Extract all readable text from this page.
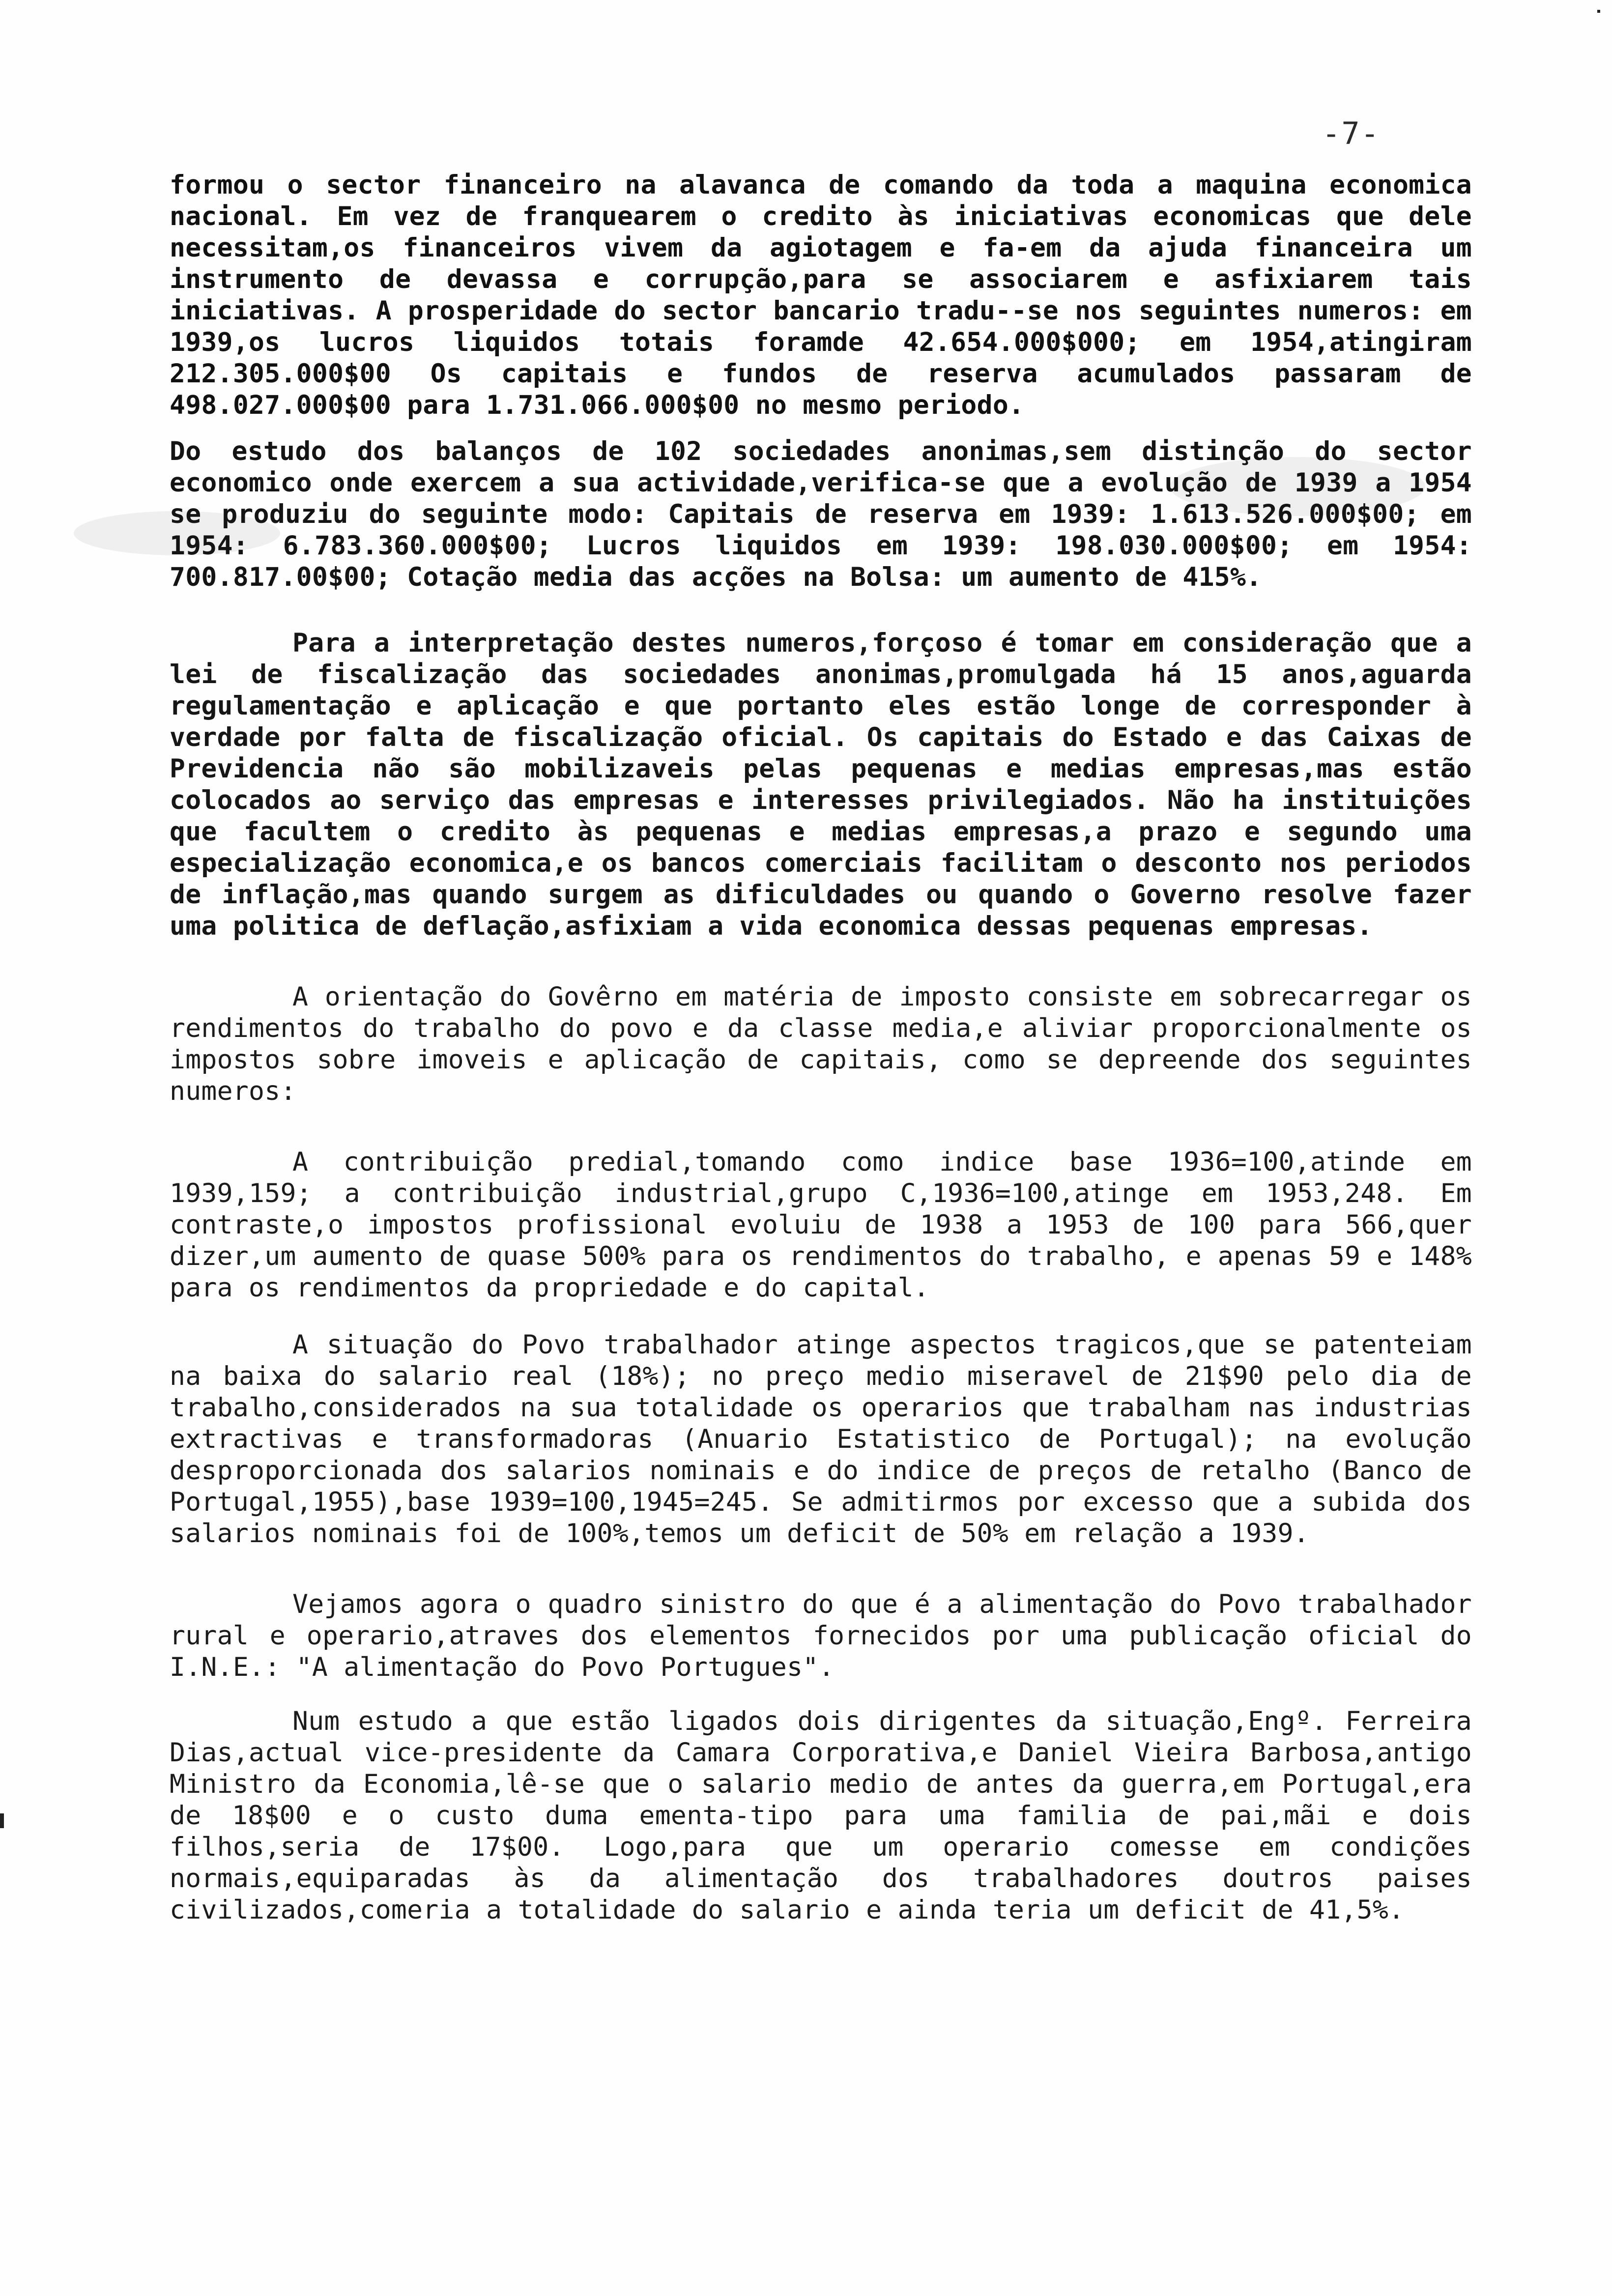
-7-

formou o sector financeiro na alavanca de comando da toda a maquina economica nacional. Em vez de franquearem o credito às iniciativas economicas que dele necessitam,os financeiros vivem da agiotagem e fa-em da ajuda financeira um instrumento de devassa e corrupção,para se associarem e asfixiarem tais iniciativas. A prosperidade do sector bancario tradu--se nos seguintes numeros: em 1939,os lucros liquidos totais foramde 42.654.000$000; em 1954,atingiram 212.305.000$00 Os capitais e fundos de reserva acumulados passaram de 498.027.000$00 para 1.731.066.000$00 no mesmo periodo.

Do estudo dos balanços de 102 sociedades anonimas,sem distinção do sector economico onde exercem a sua actividade,verifica-se que a evolução de 1939 a 1954 se produziu do seguinte modo: Capitais de reserva em 1939: 1.613.526.000$00; em 1954: 6.783.360.000$00; Lucros liquidos em 1939: 198.030.000$00; em 1954: 700.817.00$00; Cotação media das acções na Bolsa: um aumento de 415%.

Para a interpretação destes numeros,forçoso é tomar em consideração que a lei de fiscalização das sociedades anonimas,promulgada há 15 anos,aguarda regulamentação e aplicação e que portanto eles estão longe de corresponder à verdade por falta de fiscalização oficial. Os capitais do Estado e das Caixas de Previdencia não são mobilizaveis pelas pequenas e medias empresas,mas estão colocados ao serviço das empresas e interesses privilegiados. Não ha instituições que facultem o credito às pequenas e medias empresas,a prazo e segundo uma especialização economica,e os bancos comerciais facilitam o desconto nos periodos de inflação,mas quando surgem as dificuldades ou quando o Governo resolve fazer uma politica de deflação,asfixiam a vida economica dessas pequenas empresas.

A orientação do Govêrno em matéria de imposto consiste em sobrecarregar os rendimentos do trabalho do povo e da classe media,e aliviar proporcionalmente os impostos sobre imoveis e aplicação de capitais, como se depreende dos seguintes numeros:

A contribuição predial,tomando como indice base 1936=100,atinde em 1939,159; a contribuição industrial,grupo C,1936=100,atinge em 1953,248. Em contraste,o impostos profissional evoluiu de 1938 a 1953 de 100 para 566,quer dizer,um aumento de quase 500% para os rendimentos do trabalho, e apenas 59 e 148% para os rendimentos da propriedade e do capital.

A situação do Povo trabalhador atinge aspectos tragicos,que se patenteiam na baixa do salario real (18%); no preço medio miseravel de 21$90 pelo dia de trabalho,considerados na sua totalidade os operarios que trabalham nas industrias extractivas e transformadoras (Anuario Estatistico de Portugal); na evolução desproporcionada dos salarios nominais e do indice de preços de retalho (Banco de Portugal,1955),base 1939=100,1945=245. Se admitirmos por excesso que a subida dos salarios nominais foi de 100%,temos um deficit de 50% em relação a 1939.

Vejamos agora o quadro sinistro do que é a alimentação do Povo trabalhador rural e operario,atraves dos elementos fornecidos por uma publicação oficial do I.N.E.: "A alimentação do Povo Portugues".

Num estudo a que estão ligados dois dirigentes da situação,Engº. Ferreira Dias,actual vice-presidente da Camara Corporativa,e Daniel Vieira Barbosa,antigo Ministro da Economia,lê-se que o salario medio de antes da guerra,em Portugal,era de 18$00 e o custo duma ementa-tipo para uma familia de pai,mãi e dois filhos,seria de 17$00. Logo,para que um operario comesse em condições normais,equiparadas às da alimentação dos trabalhadores doutros paises civilizados,comeria a totalidade do salario e ainda teria um deficit de 41,5%.
